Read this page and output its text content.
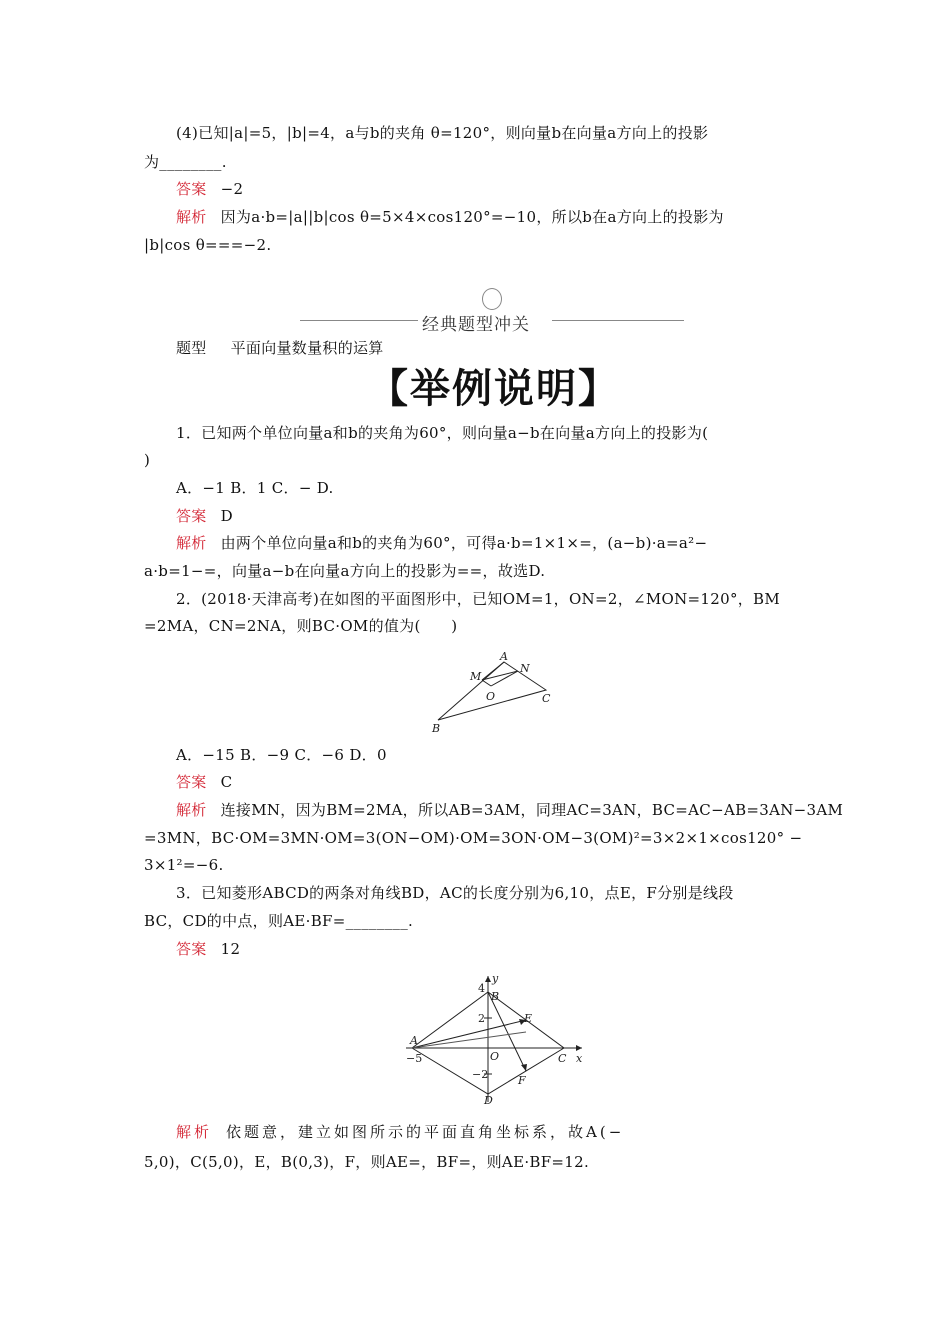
(4)已知|a|=5，|b|=4，a与b的夹角 θ=120°，则向量b在向量a方向上的投影
为________.
答案 −2
解析 因为a·b=|a||b|cos θ=5×4×cos120°=−10，所以b在a方向上的投影为
|b|cos θ===−2.
经典题型冲关
题型 平面向量数量积的运算
【举例说明】
1．已知两个单位向量a和b的夹角为60°，则向量a−b在向量a方向上的投影为(
)
A．−1 B．1 C．− D.
答案 D
解析 由两个单位向量a和b的夹角为60°，可得a·b=1×1×=，(a−b)·a=a²−
a·b=1−=，向量a−b在向量a方向上的投影为==，故选D.
2．(2018·天津高考)在如图的平面图形中，已知OM=1，ON=2，∠MON=120°，BM
=2MA，CN=2NA，则BC·OM的值为(　　)
A
N
M
O	C
B
A．−15 B．−9 C．−6 D．0
答案 C
解析 连接MN，因为BM=2MA，所以AB=3AM，同理AC=3AN，BC=AC−AB=3AN−3AM
=3MN，BC·OM=3MN·OM=3(ON−OM)·OM=3ON·OM−3(OM)²=3×2×1×cos120° −
3×1²=−6.
3．已知菱形ABCD的两条对角线BD，AC的长度分别为6,10，点E，F分别是线段
BC，CD的中点，则AE·BF=________.
答案 12
y
x
B
E
A
O	C
F
D
4
2
−2
−5
解析 依题意，建立如图所示的平面直角坐标系，故A(−
5,0)，C(5,0)，E，B(0,3)，F，则AE=，BF=，则AE·BF=12.
